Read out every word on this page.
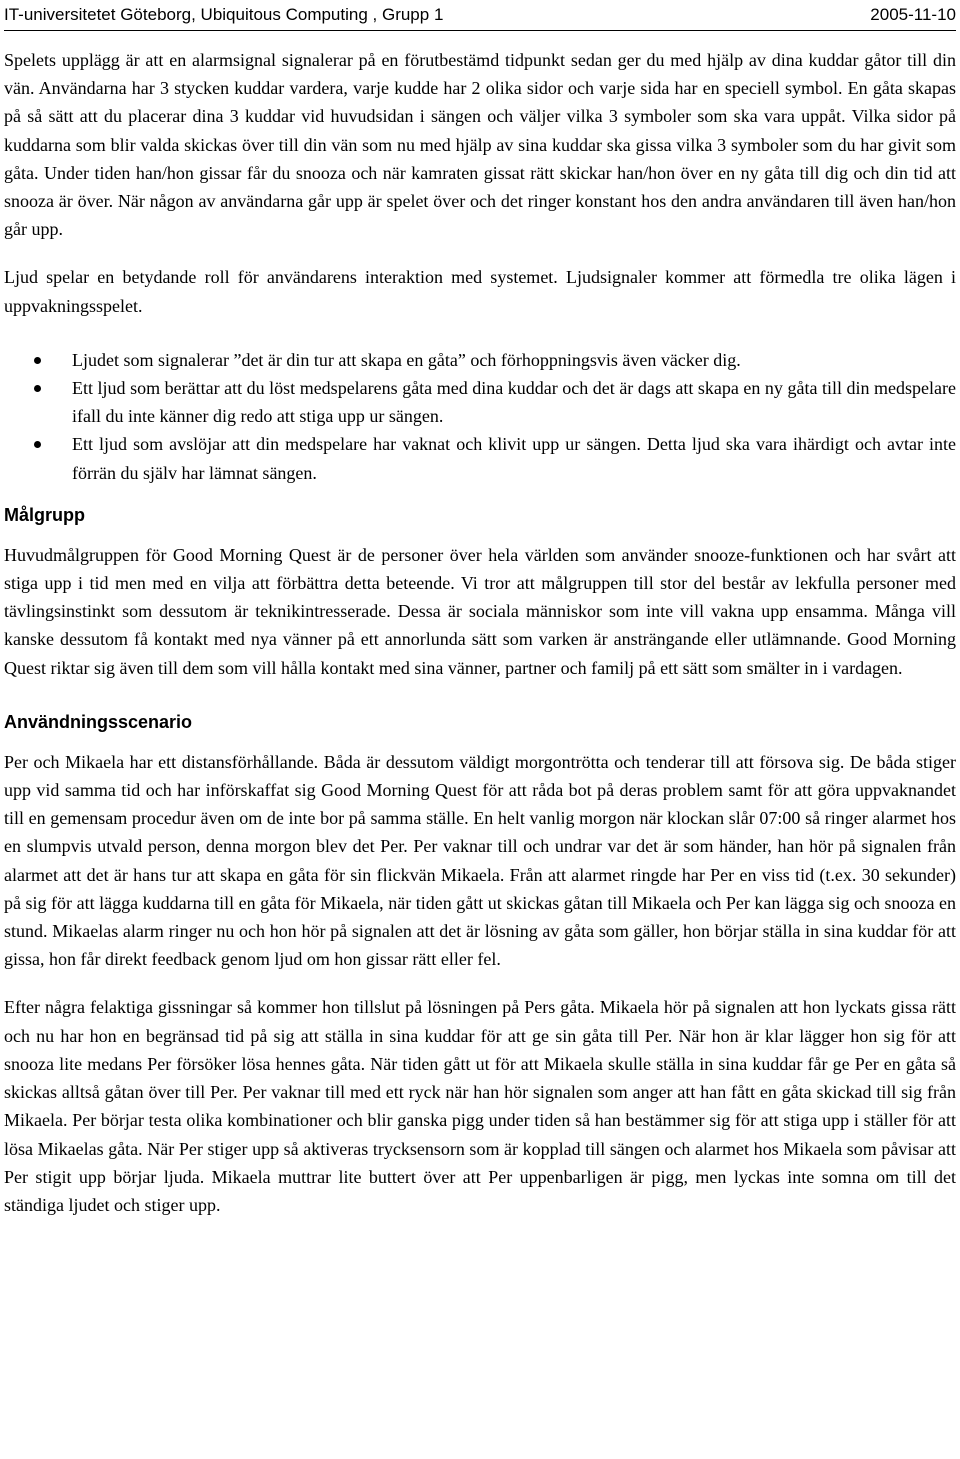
IT-universitetet Göteborg, Ubiquitous Computing , Grupp 1	2005-11-10

Spelets upplägg är att en alarmsignal signalerar på en förutbestämd tidpunkt sedan ger du med hjälp av dina kuddar gåtor till din vän. Användarna har 3 stycken kuddar vardera, varje kudde har 2 olika sidor och varje sida har en speciell symbol. En gåta skapas på så sätt att du placerar dina 3 kuddar vid huvudsidan i sängen och väljer vilka 3 symboler som ska vara uppåt. Vilka sidor på kuddarna som blir valda skickas över till din vän som nu med hjälp av sina kuddar ska gissa vilka 3 symboler som du har givit som gåta. Under tiden han/hon gissar får du snooza och när kamraten gissat rätt skickar han/hon över en ny gåta till dig och din tid att snooza är över. När någon av användarna går upp är spelet över och det ringer konstant hos den andra användaren till även han/hon går upp.

Ljud spelar en betydande roll för användarens interaktion med systemet. Ljudsignaler kommer att förmedla tre olika lägen i uppvakningsspelet.

Ljudet som signalerar ”det är din tur att skapa en gåta” och förhoppningsvis även väcker dig.
Ett ljud som berättar att du löst medspelarens gåta med dina kuddar och det är dags att skapa en ny gåta till din medspelare ifall du inte känner dig redo att stiga upp ur sängen.
Ett ljud som avslöjar att din medspelare har vaknat och klivit upp ur sängen. Detta ljud ska vara ihärdigt och avtar inte förrän du själv har lämnat sängen.
Målgrupp

Huvudmålgruppen för Good Morning Quest är de personer över hela världen som använder snooze-funktionen och har svårt att stiga upp i tid men med en vilja att förbättra detta beteende. Vi tror att målgruppen till stor del består av lekfulla personer med tävlingsinstinkt som dessutom är teknikintresserade. Dessa är sociala människor som inte vill vakna upp ensamma. Många vill kanske dessutom få kontakt med nya vänner på ett annorlunda sätt som varken är ansträngande eller utlämnande. Good Morning Quest riktar sig även till dem som vill hålla kontakt med sina vänner, partner och familj på ett sätt som smälter in i vardagen.

Användningsscenario

Per och Mikaela har ett distansförhållande. Båda är dessutom väldigt morgontrötta och tenderar till att försova sig. De båda stiger upp vid samma tid och har införskaffat sig Good Morning Quest för att råda bot på deras problem samt för att göra uppvaknandet till en gemensam procedur även om de inte bor på samma ställe. En helt vanlig morgon när klockan slår 07:00 så ringer alarmet hos en slumpvis utvald person, denna morgon blev det Per. Per vaknar till och undrar var det är som händer, han hör på signalen från alarmet att det är hans tur att skapa en gåta för sin flickvän Mikaela. Från att alarmet ringde har Per en viss tid (t.ex. 30 sekunder) på sig för att lägga kuddarna till en gåta för Mikaela, när tiden gått ut skickas gåtan till Mikaela och Per kan lägga sig och snooza en stund. Mikaelas alarm ringer nu och hon hör på signalen att det är lösning av gåta som gäller, hon börjar ställa in sina kuddar för att gissa, hon får direkt feedback genom ljud om hon gissar rätt eller fel.

Efter några felaktiga gissningar så kommer hon tillslut på lösningen på Pers gåta. Mikaela hör på signalen att hon lyckats gissa rätt och nu har hon en begränsad tid på sig att ställa in sina kuddar för att ge sin gåta till Per. När hon är klar lägger hon sig för att snooza lite medans Per försöker lösa hennes gåta. När tiden gått ut för att Mikaela skulle ställa in sina kuddar får ge Per en gåta så skickas alltså gåtan över till Per. Per vaknar till med ett ryck när han hör signalen som anger att han fått en gåta skickad till sig från Mikaela. Per börjar testa olika kombinationer och blir ganska pigg under tiden så han bestämmer sig för att stiga upp i ställer för att lösa Mikaelas gåta. När Per stiger upp så aktiveras trycksensorn som är kopplad till sängen och alarmet hos Mikaela som påvisar att Per stigit upp börjar ljuda. Mikaela muttrar lite buttert över att Per uppenbarligen är pigg, men lyckas inte somna om till det ständiga ljudet och stiger upp.
